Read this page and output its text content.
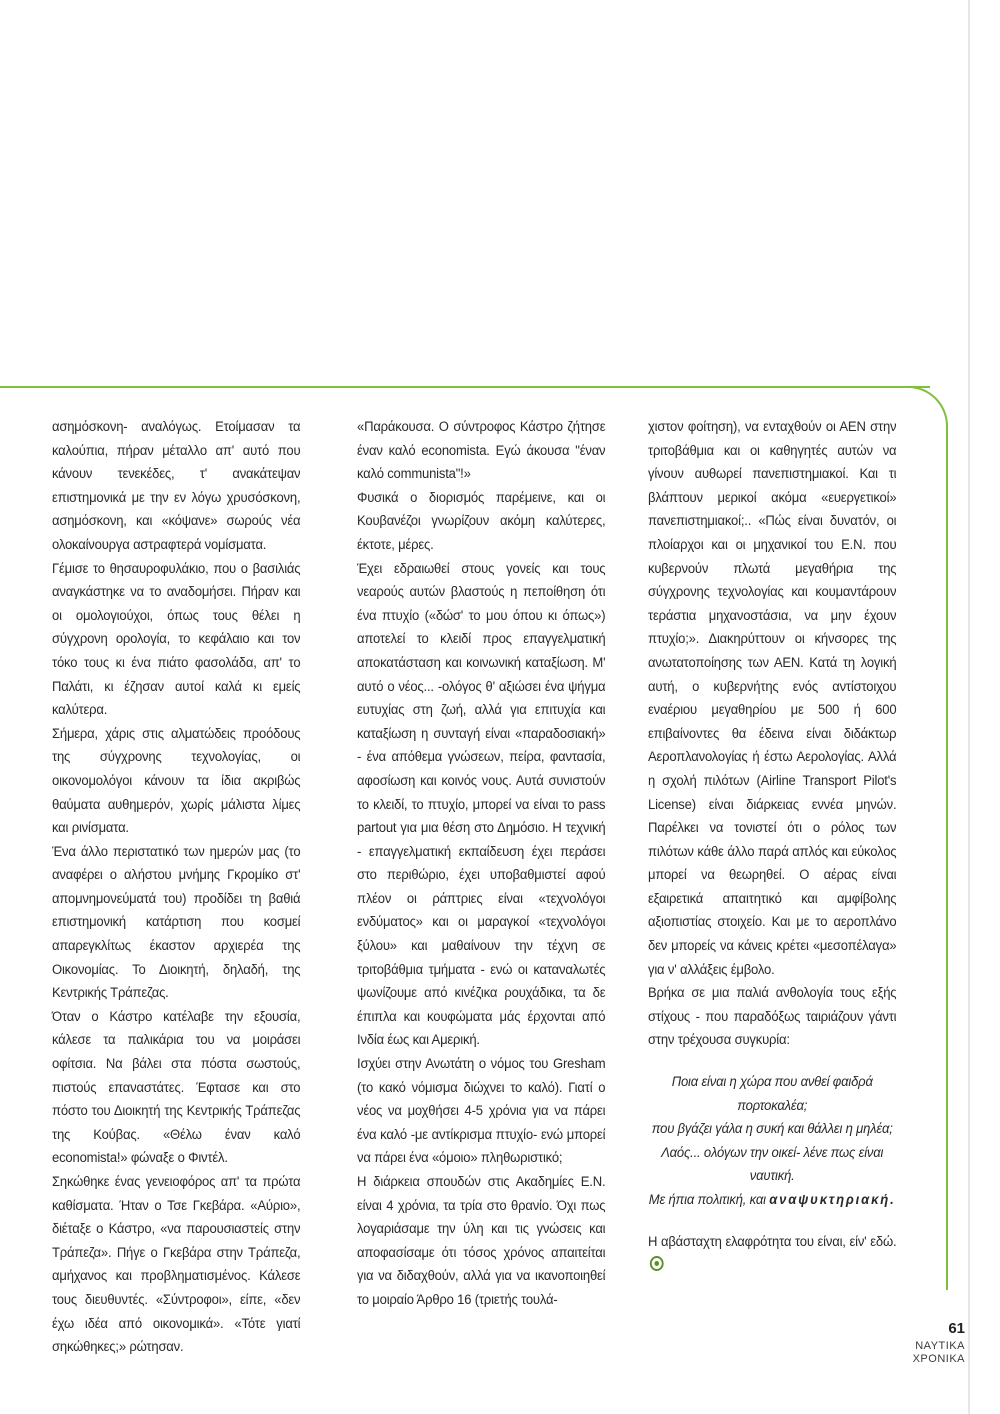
ασημόσκονη- αναλόγως. Ετοίμασαν τα καλούπια, πήραν μέταλλο απ' αυτό που κάνουν τενεκέδες, τ' ανακάτεψαν επιστημονικά με την εν λόγω χρυσόσκονη, ασημόσκονη, και «κόψανε» σωρούς νέα ολοκαίνουργα αστραφτερά νομίσματα.

Γέμισε το θησαυροφυλάκιο, που ο βασιλιάς αναγκάστηκε να το αναδομήσει. Πήραν και οι ομολογιούχοι, όπως τους θέλει η σύγχρονη ορολογία, το κεφάλαιο και τον τόκο τους κι ένα πιάτο φασολάδα, απ' το Παλάτι, κι έζησαν αυτοί καλά κι εμείς καλύτερα.

Σήμερα, χάρις στις αλματώδεις προόδους της σύγχρονης τεχνολογίας, οι οικονομολόγοι κάνουν τα ίδια ακριβώς θαύματα αυθημερόν, χωρίς μάλιστα λίμες και ρινίσματα.

Ένα άλλο περιστατικό των ημερών μας (το αναφέρει ο αλήστου μνήμης Γκρομίκο στ' απομνημονεύματά του) προδίδει τη βαθιά επιστημονική κατάρτιση που κοσμεί απαρεγκλίτως έκαστον αρχιερέα της Οικονομίας. Το Διοικητή, δηλαδή, της Κεντρικής Τράπεζας.

Όταν ο Κάστρο κατέλαβε την εξουσία, κάλεσε τα παλικάρια του να μοιράσει οφίτσια. Να βάλει στα πόστα σωστούς, πιστούς επαναστάτες. Έφτασε και στο πόστο του Διοικητή της Κεντρικής Τράπεζας της Κούβας. «Θέλω έναν καλό economista!» φώναξε ο Φιντέλ.

Σηκώθηκε ένας γενειοφόρος απ' τα πρώτα καθίσματα. Ήταν ο Τσε Γκεβάρα. «Αύριο», διέταξε ο Κάστρο, «να παρουσιαστείς στην Τράπεζα». Πήγε ο Γκεβάρα στην Τράπεζα, αμήχανος και προβληματισμένος. Κάλεσε τους διευθυντές. «Σύντροφοι», είπε, «δεν έχω ιδέα από οικονομικά». «Τότε γιατί σηκώθηκες;» ρώτησαν.

«Παράκουσα. Ο σύντροφος Κάστρο ζήτησε έναν καλό economista. Εγώ άκουσα "έναν καλό communista"!»

Φυσικά ο διορισμός παρέμεινε, και οι Κουβανέζοι γνωρίζουν ακόμη καλύτερες, έκτοτε, μέρες.

Έχει εδραιωθεί στους γονείς και τους νεαρούς αυτών βλαστούς η πεποίθηση ότι ένα πτυχίο («δώσ' το μου όπου κι όπως») αποτελεί το κλειδί προς επαγγελματική αποκατάσταση και κοινωνική καταξίωση. Μ' αυτό ο νέος... -ολόγος θ' αξιώσει ένα ψήγμα ευτυχίας στη ζωή, αλλά για επιτυχία και καταξίωση η συνταγή είναι «παραδοσιακή» - ένα απόθεμα γνώσεων, πείρα, φαντασία, αφοσίωση και κοινός νους. Αυτά συνιστούν το κλειδί, το πτυχίο, μπορεί να είναι το pass partout για μια θέση στο Δημόσιο. Η τεχνική - επαγγελματική εκπαίδευση έχει περάσει στο περιθώριο, έχει υποβαθμιστεί αφού πλέον οι ράπτριες είναι «τεχνολόγοι ενδύματος» και οι μαραγκοί «τεχνολόγοι ξύλου» και μαθαίνουν την τέχνη σε τριτοβάθμια τμήματα - ενώ οι καταναλωτές ψωνίζουμε από κινέζικα ρουχάδικα, τα δε έπιπλα και κουφώματα μάς έρχονται από Ινδία έως και Αμερική.

Ισχύει στην Ανωτάτη ο νόμος του Gresham (το κακό νόμισμα διώχνει το καλό). Γιατί ο νέος να μοχθήσει 4-5 χρόνια για να πάρει ένα καλό -με αντίκρισμα πτυχίο- ενώ μπορεί να πάρει ένα «όμοιο» πληθωριστικό;

Η διάρκεια σπουδών στις Ακαδημίες Ε.Ν. είναι 4 χρόνια, τα τρία στο θρανίο. Όχι πως λογαριάσαμε την ύλη και τις γνώσεις και αποφασίσαμε ότι τόσος χρόνος απαιτείται για να διδαχθούν, αλλά για να ικανοποιηθεί το μοιραίο Άρθρο 16 (τριετής τουλά-

χιστον φοίτηση), να ενταχθούν οι ΑΕΝ στην τριτοβάθμια και οι καθηγητές αυτών να γίνουν αυθωρεί πανεπιστημιακοί. Και τι βλάπτουν μερικοί ακόμα «ευεργετικοί» πανεπιστημιακοί;.. «Πώς είναι δυνατόν, οι πλοίαρχοι και οι μηχανικοί του Ε.Ν. που κυβερνούν πλωτά μεγαθήρια της σύγχρονης τεχνολογίας και κουμαντάρουν τεράστια μηχανοστάσια, να μην έχουν πτυχίο;». Διακηρύττουν οι κήνσορες της ανωτατοποίησης των ΑΕΝ. Κατά τη λογική αυτή, ο κυβερνήτης ενός αντίστοιχου εναέριου μεγαθηρίου με 500 ή 600 επιβαίνοντες θα έδεινα είναι διδάκτωρ Αεροπλανολογίας ή έστω Αερολογίας. Αλλά η σχολή πιλότων (Airline Transport Pilot's License) είναι διάρκειας εννέα μηνών. Παρέλκει να τονιστεί ότι ο ρόλος των πιλότων κάθε άλλο παρά απλός και εύκολος μπορεί να θεωρηθεί. Ο αέρας είναι εξαιρετικά απαιτητικό και αμφίβολης αξιοπιστίας στοιχείο. Και με το αεροπλάνο δεν μπορείς να κάνεις κρέτει «μεσοπέλαγα» για ν' αλλάξεις έμβολο.

Βρήκα σε μια παλιά ανθολογία τους εξής στίχους - που παραδόξως ταιριάζουν γάντι στην τρέχουσα συγκυρία:

Ποια είναι η χώρα που ανθεί φαιδρά πορτοκαλέα;
που βγάζει γάλα η συκή και θάλλει η μηλέα;
Λαός... ολόγων την οικεί- λένε πως είναι ναυτική.
Με ήπια πολιτική, και αναψυκτηριακή.

Η αβάσταχτη ελαφρότητα του είναι, είν' εδώ.

61
ΝΑΥΤΙΚΑ
ΧΡΟΝΙΚΑ
